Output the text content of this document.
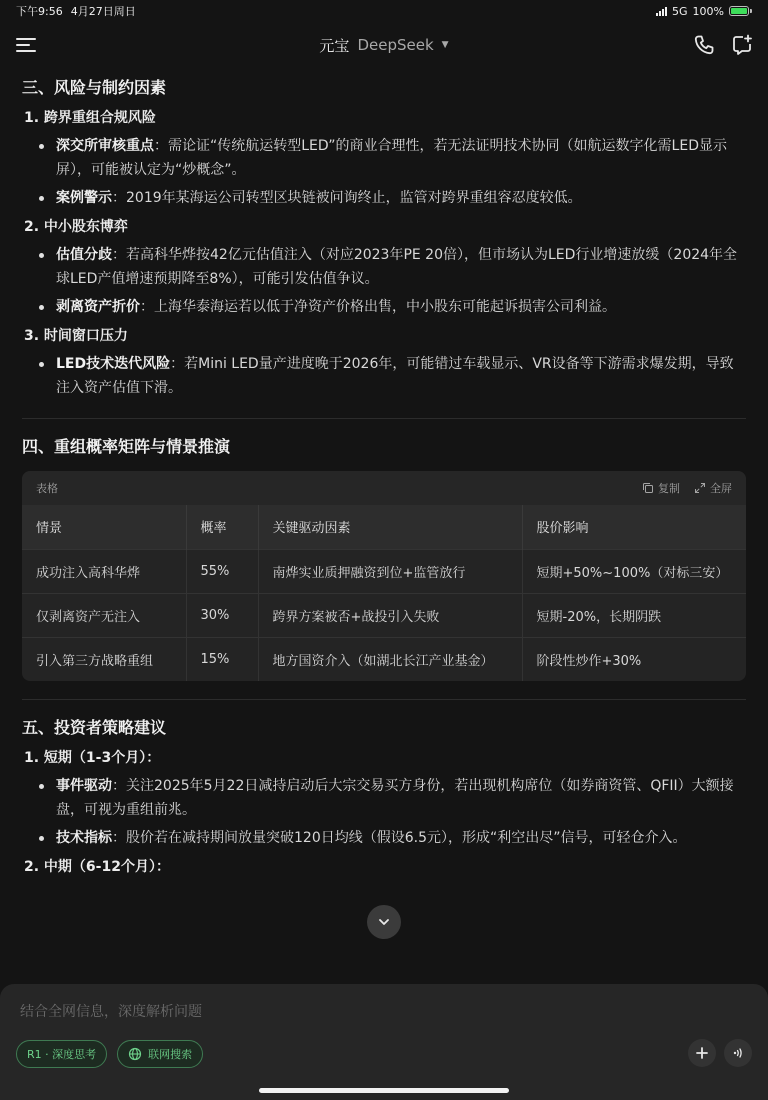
下午9:56 4月27日周日	5G 100%
元宝 DeepSeek ▼
三、风险与制约因素
1. 跨界重组合规风险
深交所审核重点：需论证“传统航运转型LED”的商业合理性，若无法证明技术协同（如航运数字化需LED显示屏），可能被认定为“炒概念”。
案例警示：2019年某海运公司转型区块链被问询终止，监管对跨界重组容忍度较低。
2. 中小股东博弈
估值分歧：若高科华烨按42亿元估值注入（对应2023年PE 20倍），但市场认为LED行业增速放缓（2024年全球LED产值增速预期降至8%），可能引发估值争议。
剥离资产折价：上海华泰海运若以低于净资产价格出售，中小股东可能起诉损害公司利益。
3. 时间窗口压力
LED技术迭代风险：若Mini LED量产进度晚于2026年，可能错过车载显示、VR设备等下游需求爆发期，导致注入资产估值下滑。
四、重组概率矩阵与情景推演
表格	复制	全屏
情景	概率	关键驱动因素	股价影响
成功注入高科华烨	55%	南烨实业质押融资到位+监管放行	短期+50%~100%（对标三安）
仅剥离资产无注入	30%	跨界方案被否+战投引入失败	短期-20%，长期阴跌
引入第三方战略重组	15%	地方国资介入（如湖北长江产业基金）	阶段性炒作+30%
五、投资者策略建议
1. 短期（1-3个月）：
事件驱动：关注2025年5月22日减持启动后大宗交易买方身份，若出现机构席位（如券商资管、QFII）大额接盘，可视为重组前兆。
技术指标：股价若在减持期间放量突破120日均线（假设6.5元），形成“利空出尽”信号，可轻仓介入。
2. 中期（6-12个月）：
结合全网信息，深度解析问题
R1 · 深度思考	联网搜索
